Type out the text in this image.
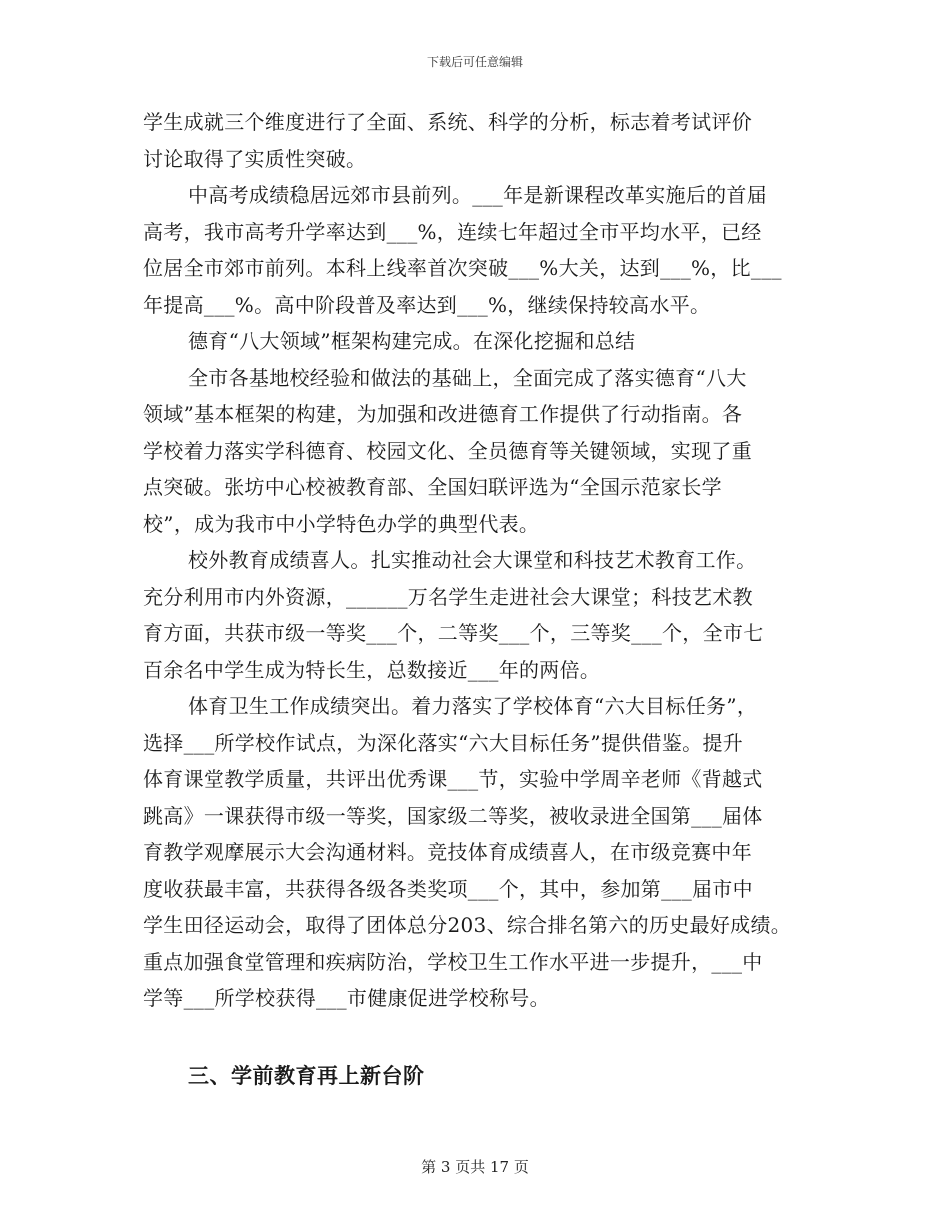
下载后可任意编辑
学生成就三个维度进行了全面、系统、科学的分析，标志着考试评价
讨论取得了实质性突破。
中高考成绩稳居远郊市县前列。___年是新课程改革实施后的首届
高考，我市高考升学率达到___%，连续七年超过全市平均水平，已经
位居全市郊市前列。本科上线率首次突破___%大关，达到___%，比___
年提高___%。高中阶段普及率达到___%，继续保持较高水平。
德育“八大领域”框架构建完成。在深化挖掘和总结
全市各基地校经验和做法的基础上，全面完成了落实德育“八大
领域”基本框架的构建，为加强和改进德育工作提供了行动指南。各
学校着力落实学科德育、校园文化、全员德育等关键领域，实现了重
点突破。张坊中心校被教育部、全国妇联评选为“全国示范家长学
校”，成为我市中小学特色办学的典型代表。
校外教育成绩喜人。扎实推动社会大课堂和科技艺术教育工作。
充分利用市内外资源，______万名学生走进社会大课堂；科技艺术教
育方面，共获市级一等奖___个，二等奖___个，三等奖___个，全市七
百余名中学生成为特长生，总数接近___年的两倍。
体育卫生工作成绩突出。着力落实了学校体育“六大目标任务”，
选择___所学校作试点，为深化落实“六大目标任务”提供借鉴。提升
体育课堂教学质量，共评出优秀课___节，实验中学周辛老师《背越式
跳高》一课获得市级一等奖，国家级二等奖，被收录进全国第___届体
育教学观摩展示大会沟通材料。竞技体育成绩喜人，在市级竞赛中年
度收获最丰富，共获得各级各类奖项___个，其中，参加第___届市中
学生田径运动会，取得了团体总分203、综合排名第六的历史最好成绩。
重点加强食堂管理和疾病防治，学校卫生工作水平进一步提升，___中
学等___所学校获得___市健康促进学校称号。
三、学前教育再上新台阶
第 3 页共 17 页
